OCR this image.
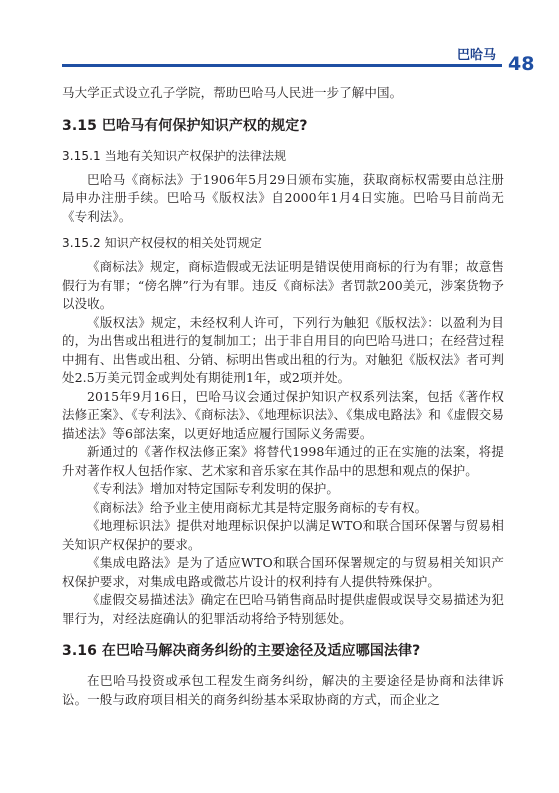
巴哈马 48

马大学正式设立孔子学院，帮助巴哈马人民进一步了解中国。

3.15 巴哈马有何保护知识产权的规定?
3.15.1 当地有关知识产权保护的法律法规

巴哈马《商标法》于1906年5月29日颁布实施，获取商标权需要由总注册局申办注册手续。巴哈马《版权法》自2000年1月4日实施。巴哈马目前尚无《专利法》。

3.15.2 知识产权侵权的相关处罚规定

《商标法》规定，商标造假或无法证明是错误使用商标的行为有罪；故意售假行为有罪；“傍名牌”行为有罪。违反《商标法》者罚款200美元，涉案货物予以没收。

《版权法》规定，未经权利人许可，下列行为触犯《版权法》：以盈利为目的，为出售或出租进行的复制加工；出于非自用目的向巴哈马进口；在经营过程中拥有、出售或出租、分销、标明出售或出租的行为。对触犯《版权法》者可判处2.5万美元罚金或判处有期徒刑1年，或2项并处。

2015年9月16日，巴哈马议会通过保护知识产权系列法案，包括《著作权法修正案》、《专利法》、《商标法》、《地理标识法》、《集成电路法》和《虚假交易描述法》等6部法案，以更好地适应履行国际义务需要。

新通过的《著作权法修正案》将替代1998年通过的正在实施的法案，将提升对著作权人包括作家、艺术家和音乐家在其作品中的思想和观点的保护。

《专利法》增加对特定国际专利发明的保护。

《商标法》给予业主使用商标尤其是特定服务商标的专有权。

《地理标识法》提供对地理标识保护以满足WTO和联合国环保署与贸易相关知识产权保护的要求。

《集成电路法》是为了适应WTO和联合国环保署规定的与贸易相关知识产权保护要求，对集成电路或微芯片设计的权利持有人提供特殊保护。

《虚假交易描述法》确定在巴哈马销售商品时提供虚假或误导交易描述为犯罪行为，对经法庭确认的犯罪活动将给予特别惩处。

3.16 在巴哈马解决商务纠纷的主要途径及适应哪国法律?

在巴哈马投资或承包工程发生商务纠纷，解决的主要途径是协商和法律诉讼。一般与政府项目相关的商务纠纷基本采取协商的方式，而企业之
